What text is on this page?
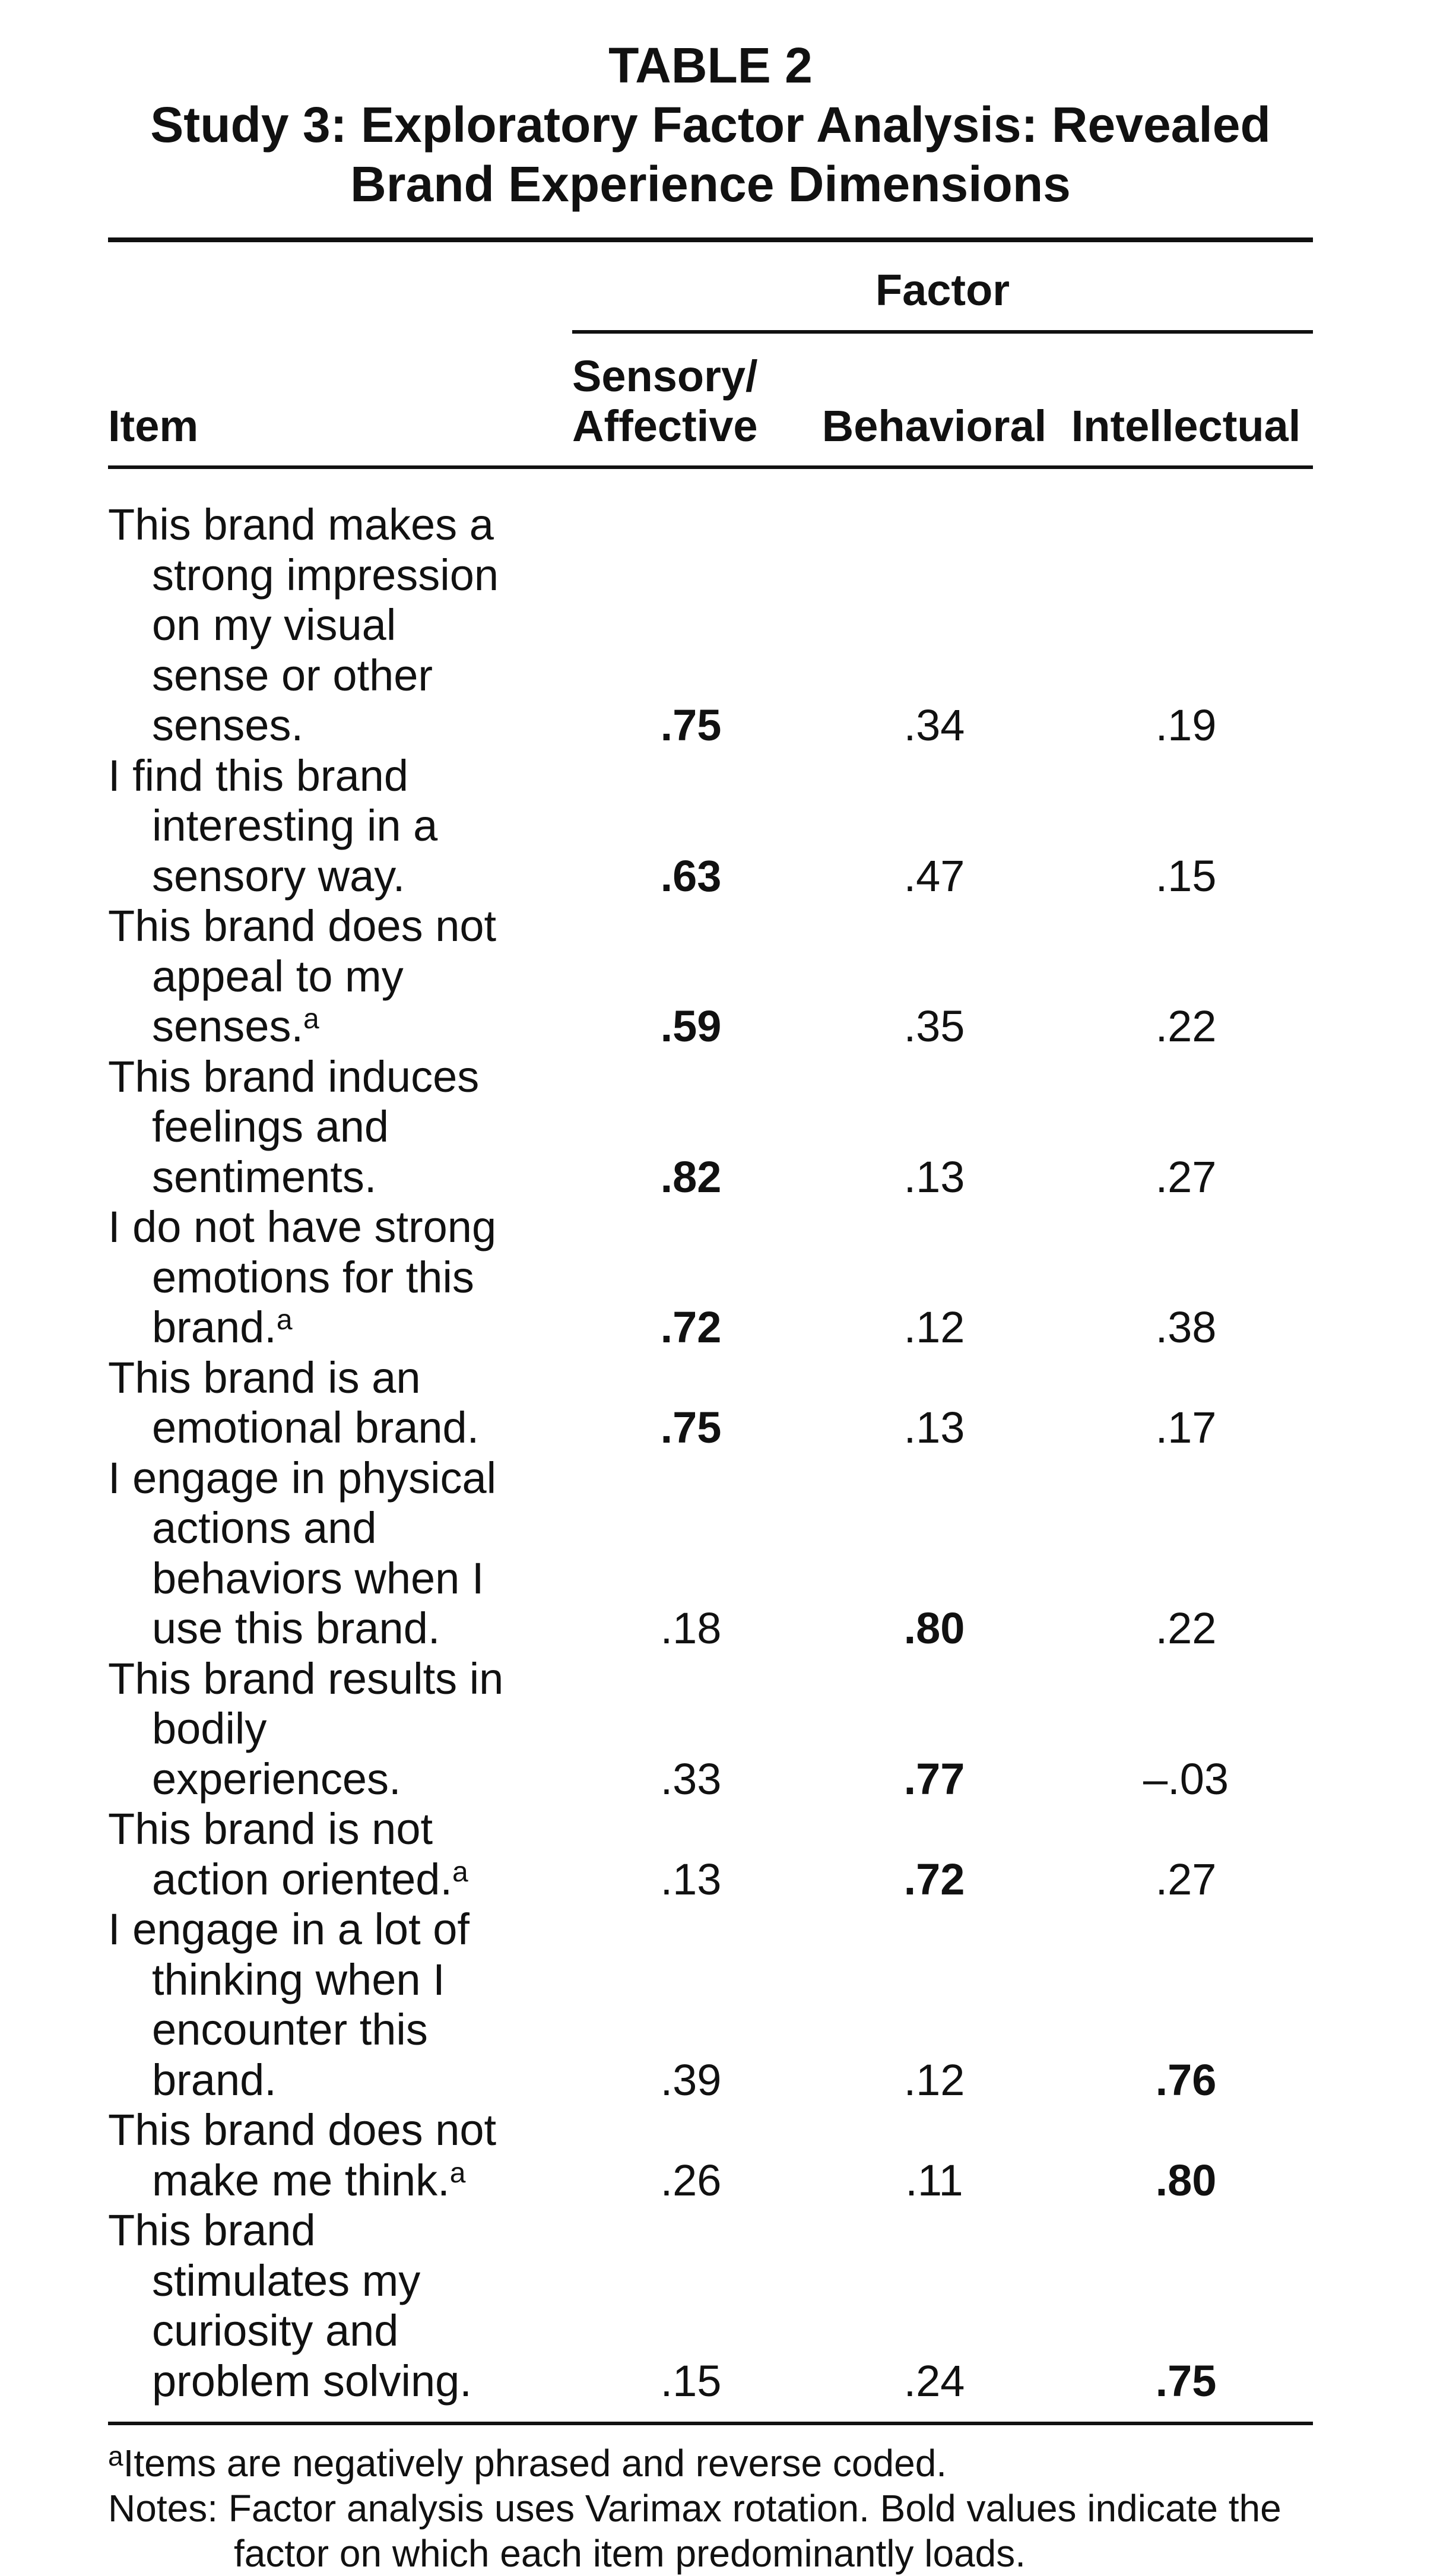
TABLE 2
Study 3: Exploratory Factor Analysis: Revealed
Brand Experience Dimensions
Factor
Item
Sensory/
Affective	Behavioral Intellectual
This brand makes a strong impression on my visual sense or other senses.	.75	.34	.19
I find this brand interesting in a sensory way.	.63	.47	.15
This brand does not appeal to my senses.$^a$	.59	.35	.22
This brand induces feelings and sentiments.	.82	.13	.27
I do not have strong emotions for this brand.$^a$	.72	.12	.38
This brand is an emotional brand.	.75	.13	.17
I engage in physical actions and behaviors when I use this brand.	.18	.80	.22
This brand results in bodily experiences.	.33	.77	–.03
This brand is not action oriented.$^a$	.13	.72	.27
I engage in a lot of thinking when I encounter this brand.	.39	.12	.76
This brand does not make me think.$^a$	.26	.11	.80
This brand stimulates my curiosity and problem solving.	.15	.24	.75
$^a$Items are negatively phrased and reverse coded.
Notes: Factor analysis uses Varimax rotation. Bold values indicate the factor on which each item predominantly loads.
